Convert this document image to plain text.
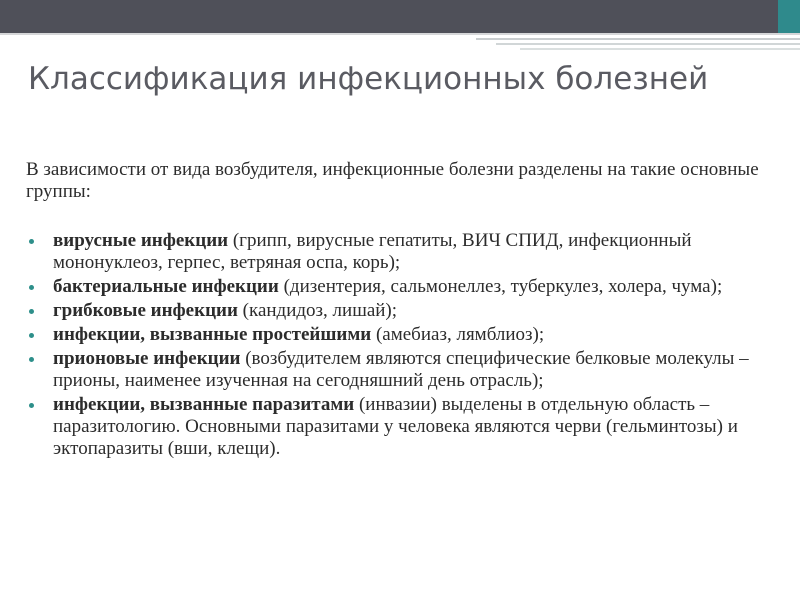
Классификация инфекционных болезней

В зависимости от вида возбудителя, инфекционные болезни разделены на такие основные группы:

вирусные инфекции (грипп, вирусные гепатиты, ВИЧ СПИД, инфекционный мононуклеоз, герпес, ветряная оспа, корь);
бактериальные инфекции (дизентерия, сальмонеллез, туберкулез, холера, чума);
грибковые инфекции (кандидоз, лишай);
инфекции, вызванные простейшими (амебиаз, лямблиоз);
прионовые инфекции (возбудителем являются специфические белковые молекулы – прионы, наименее изученная на сегодняшний день отрасль);
инфекции, вызванные паразитами (инвазии) выделены в отдельную область – паразитологию. Основными паразитами у человека являются черви (гельминтозы) и эктопаразиты (вши, клещи).
